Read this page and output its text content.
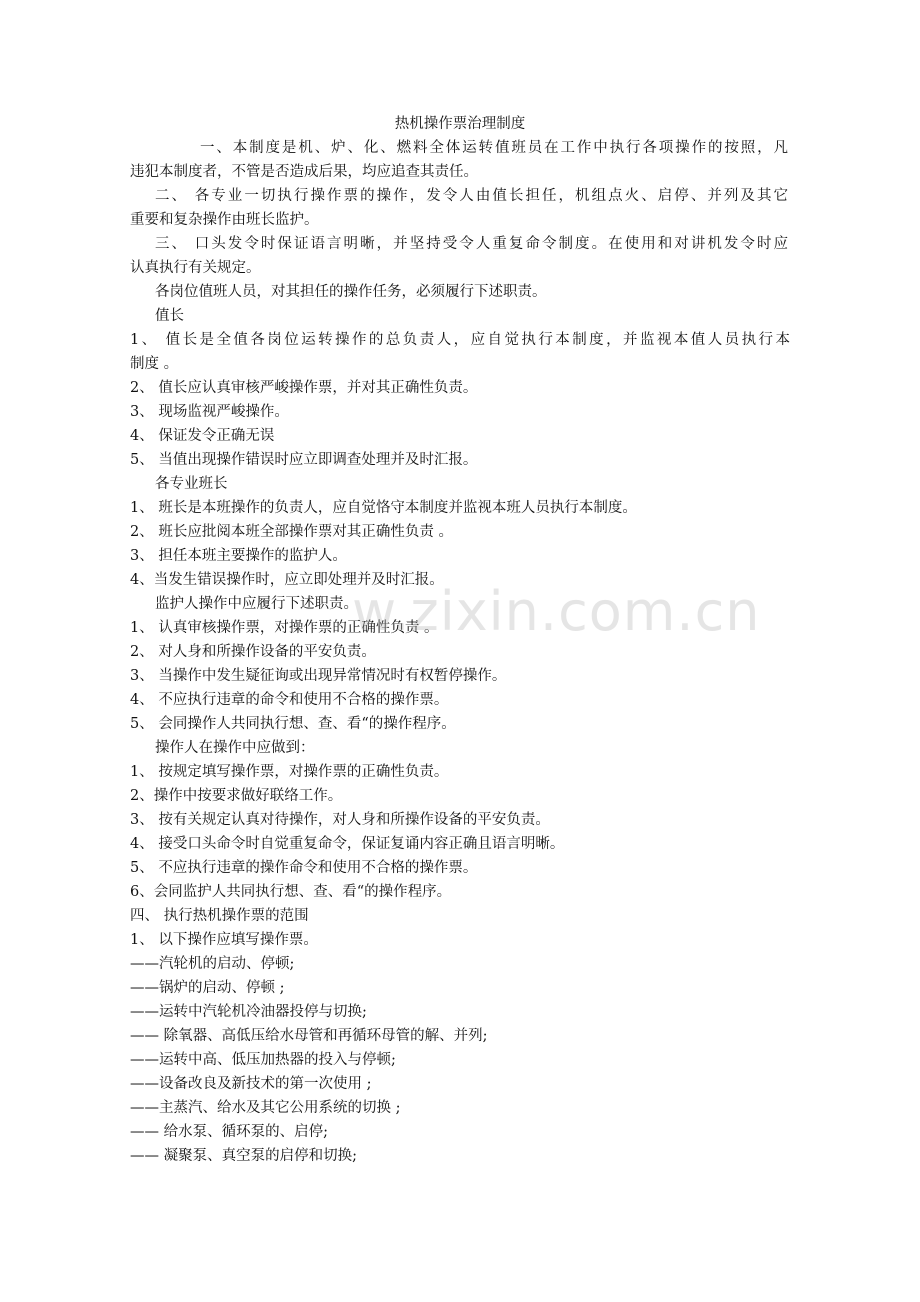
热机操作票治理制度
一、本制度是机、炉、化、燃料全体运转值班员在工作中执行各项操作的按照，凡
违犯本制度者，不管是否造成后果，均应追查其责任。
二、 各专业一切执行操作票的操作，发令人由值长担任，机组点火、启停、并列及其它
重要和复杂操作由班长监护。
三、 口头发令时保证语言明晰，并坚持受令人重复命令制度。在使用和对讲机发令时应
认真执行有关规定。
各岗位值班人员，对其担任的操作任务，必须履行下述职责。
值长
1、 值长是全值各岗位运转操作的总负责人，应自觉执行本制度，并监视本值人员执行本
制度 。
2、 值长应认真审核严峻操作票，并对其正确性负责。
3、 现场监视严峻操作。
4、 保证发令正确无误
5、 当值出现操作错误时应立即调查处理并及时汇报。
各专业班长
1、 班长是本班操作的负责人，应自觉恪守本制度并监视本班人员执行本制度。
2、 班长应批阅本班全部操作票对其正确性负责 。
3、 担任本班主要操作的监护人。
4、当发生错误操作时，应立即处理并及时汇报。
监护人操作中应履行下述职责。
1、 认真审核操作票，对操作票的正确性负责 。
2、 对人身和所操作设备的平安负责。
3、 当操作中发生疑征询或出现异常情况时有权暂停操作。
4、 不应执行违章的命令和使用不合格的操作票。
5、 会同操作人共同执行想、查、看“的操作程序。
操作人在操作中应做到：
1、 按规定填写操作票，对操作票的正确性负责。
2、操作中按要求做好联络工作。
3、 按有关规定认真对待操作，对人身和所操作设备的平安负责。
4、 接受口头命令时自觉重复命令，保证复诵内容正确且语言明晰。
5、 不应执行违章的操作命令和使用不合格的操作票。
6、会同监护人共同执行想、查、看“的操作程序。
四、 执行热机操作票的范围
1、 以下操作应填写操作票。
——汽轮机的启动、停顿;
——锅炉的启动、停顿 ;
——运转中汽轮机冷油器投停与切换;
—— 除氧器、高低压给水母管和再循环母管的解、并列;
——运转中高、低压加热器的投入与停顿;
——设备改良及新技术的第一次使用 ;
——主蒸汽、给水及其它公用系统的切换 ;
—— 给水泵、循环泵的、启停;
—— 凝聚泵、真空泵的启停和切换;
w.zixin.com.cn
